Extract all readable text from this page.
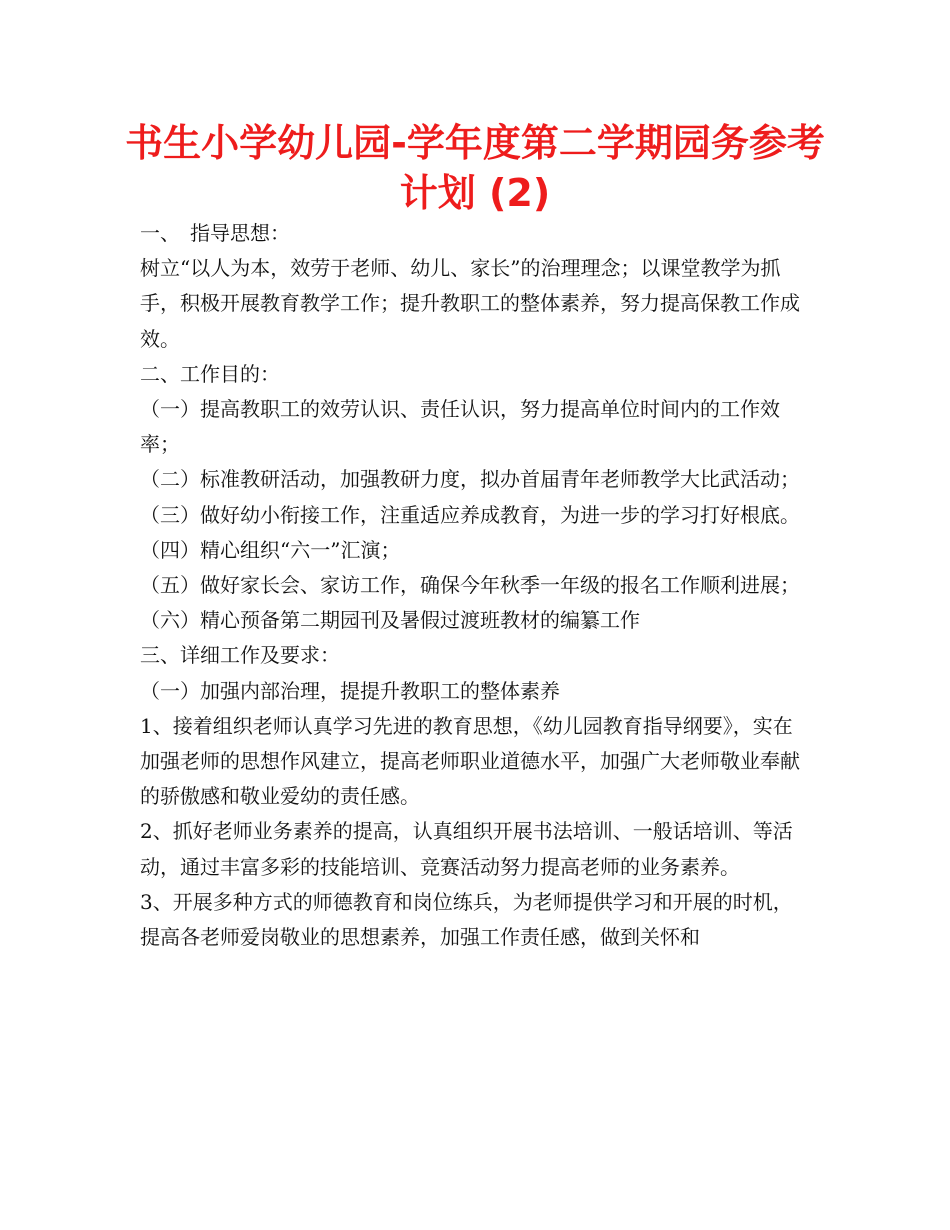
书生小学幼儿园-学年度第二学期园务参考
计划 (2)

一、　指导思想：

树立“以人为本，效劳于老师、幼儿、家长”的治理理念；以课堂教学为抓手，积极开展教育教学工作；提升教职工的整体素养，努力提高保教工作成效。

二、工作目的：

（一）提高教职工的效劳认识、责任认识，努力提高单位时间内的工作效率；

（二）标准教研活动，加强教研力度，拟办首届青年老师教学大比武活动；

（三）做好幼小衔接工作，注重适应养成教育，为进一步的学习打好根底。

（四）精心组织“六一”汇演；

（五）做好家长会、家访工作，确保今年秋季一年级的报名工作顺利进展；

（六）精心预备第二期园刊及暑假过渡班教材的编纂工作

三、详细工作及要求：

（一）加强内部治理，提提升教职工的整体素养

1、接着组织老师认真学习先进的教育思想，《幼儿园教育指导纲要》，实在加强老师的思想作风建立，提高老师职业道德水平，加强广大老师敬业奉献的骄傲感和敬业爱幼的责任感。

2、抓好老师业务素养的提高，认真组织开展书法培训、一般话培训、等活动，通过丰富多彩的技能培训、竞赛活动努力提高老师的业务素养。

3、开展多种方式的师德教育和岗位练兵，为老师提供学习和开展的时机，提高各老师爱岗敬业的思想素养，加强工作责任感，做到关怀和
